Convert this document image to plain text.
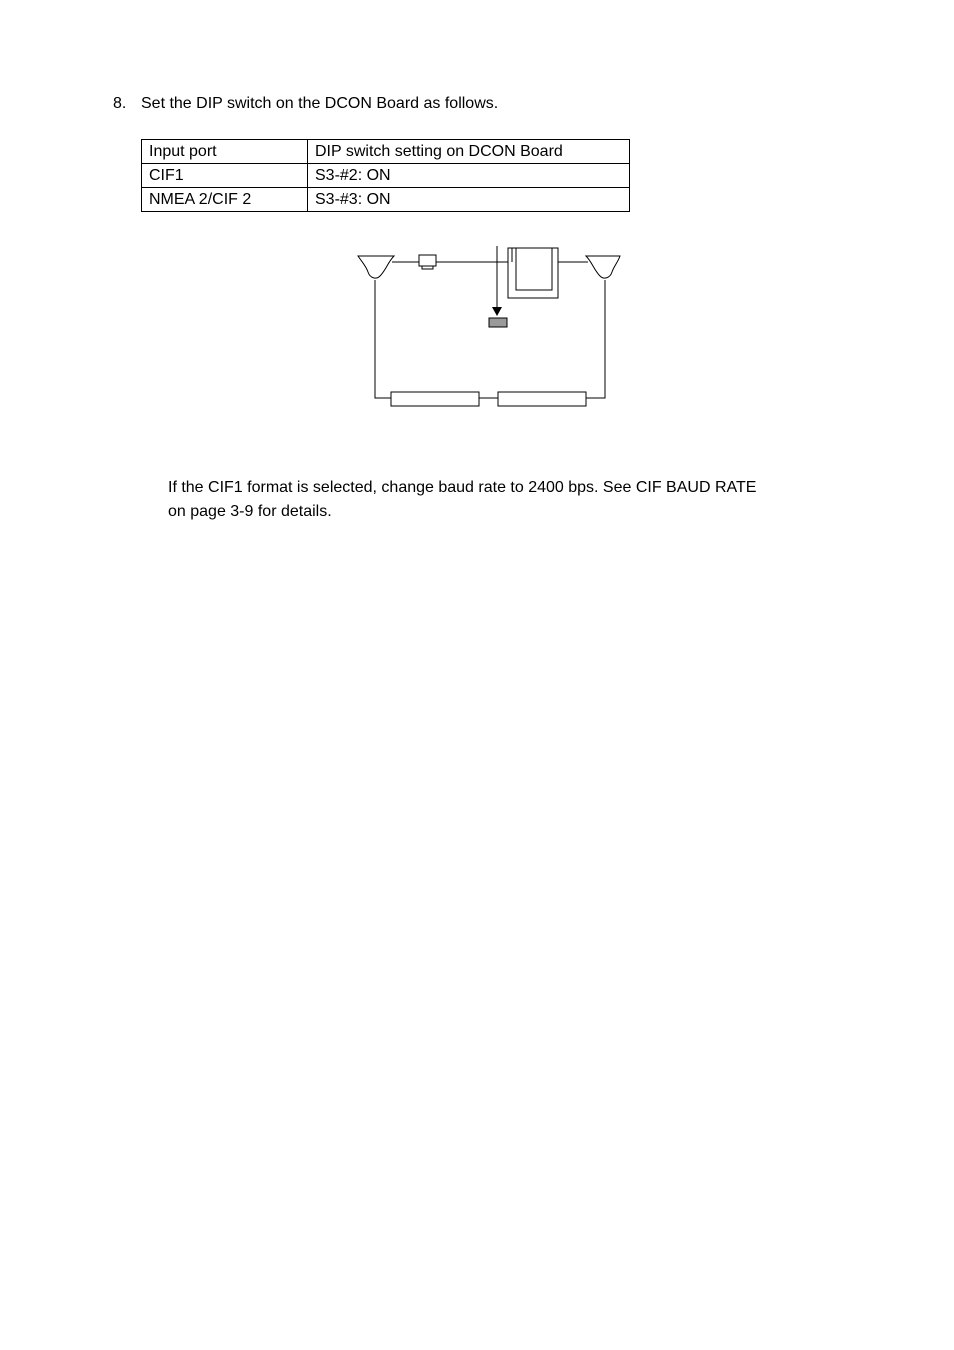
8. Set the DIP switch on the DCON Board as follows.
Input port	DIP switch setting on DCON Board
CIF1	S3-#2: ON
NMEA 2/CIF 2	S3-#3: ON

If the CIF1 format is selected, change baud rate to 2400 bps. See CIF BAUD RATE

on page 3-9 for details.
